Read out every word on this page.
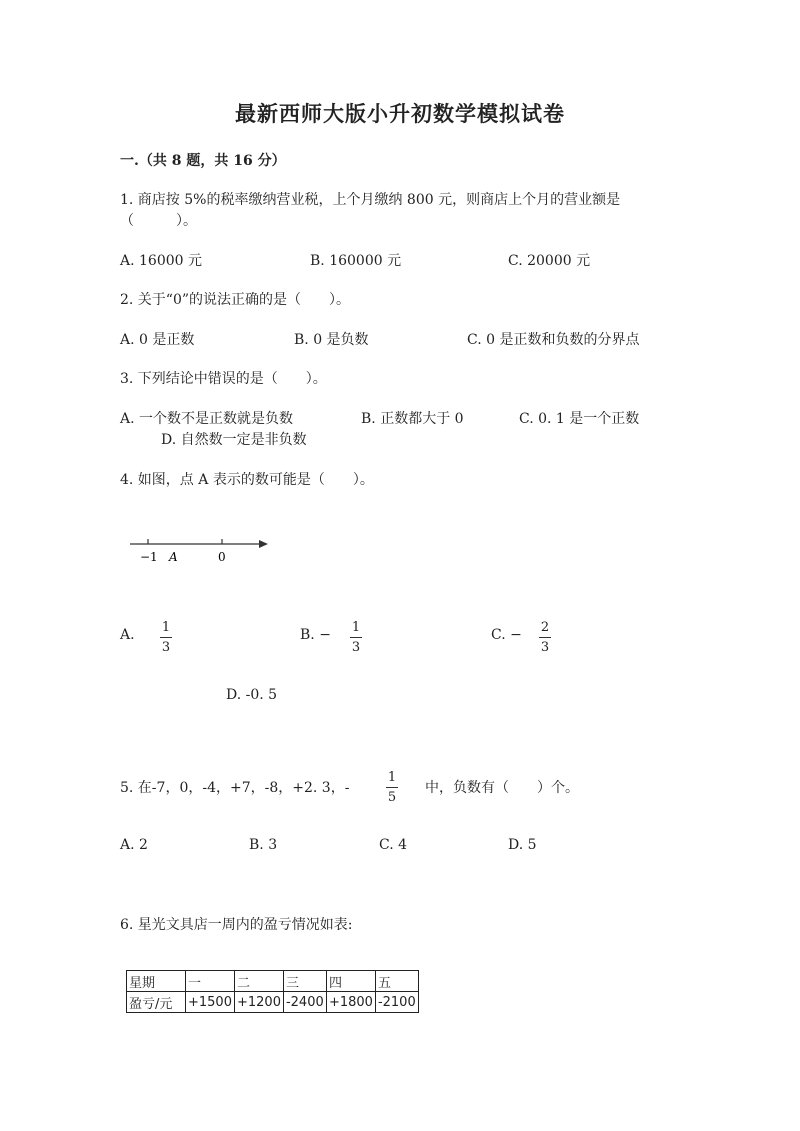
最新西师大版小升初数学模拟试卷
一.（共 8 题，共 16 分）
1. 商店按 5%的税率缴纳营业税，上个月缴纳 800 元，则商店上个月的营业额是
（　　　）。
A. 16000 元	B. 160000 元	C. 20000 元
2. 关于“0”的说法正确的是（　　）。
A. 0 是正数	B. 0 是负数	C. 0 是正数和负数的分界点
3. 下列结论中错误的是（　　）。
A. 一个数不是正数就是负数	B. 正数都大于 0	C. 0. 1 是一个正数
D. 自然数一定是非负数
4. 如图，点 A 表示的数可能是（　　）。
−1 A	0
A. 1
3
B. − 1
3
C. − 2
3
D. -0. 5
5. 在-7，0，-4，+7，-8，+2. 3，-
1
5
中，负数有（　　）个。
A. 2	B. 3	C. 4	D. 5
6. 星光文具店一周内的盈亏情况如表:
星期	一	二	三	四	五
盈亏/元	+1500	+1200	-2400	+1800	-2100
